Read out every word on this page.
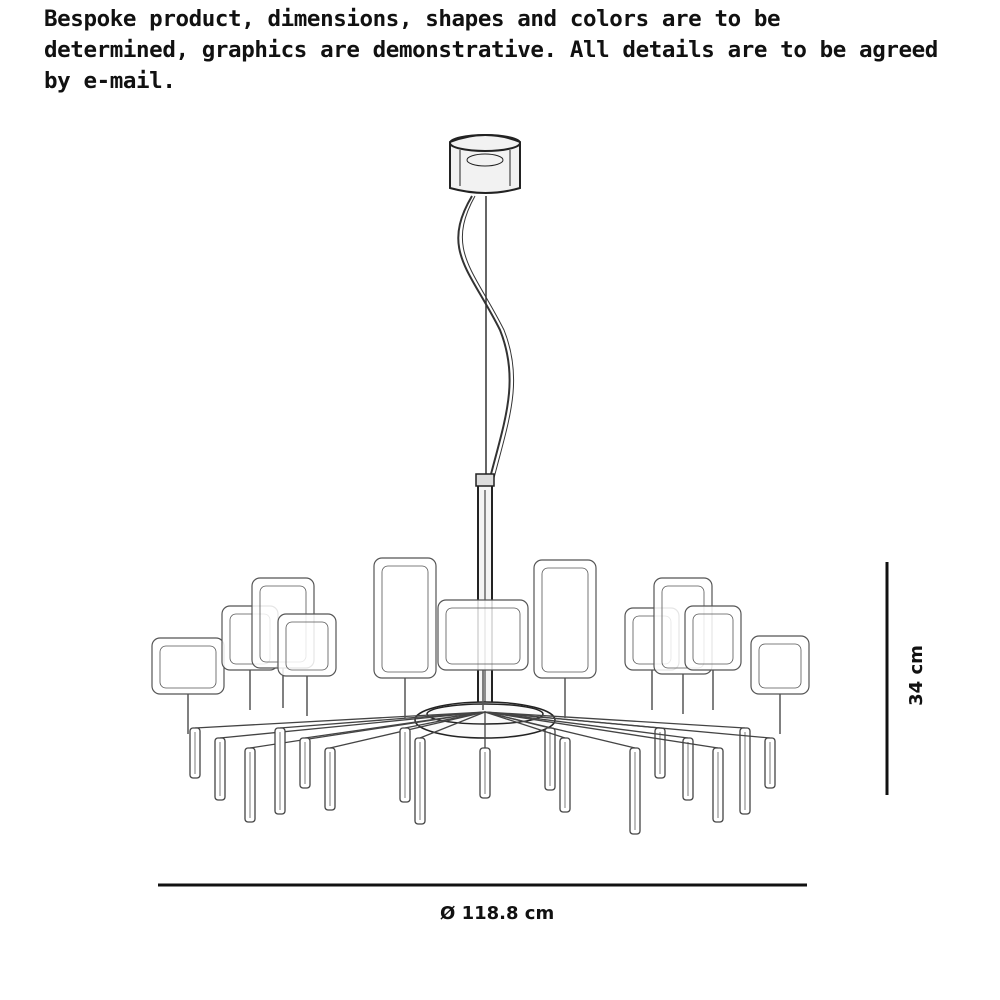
Bespoke product, dimensions, shapes and colors are to be
determined, graphics are demonstrative. All details are to be agreed
by e-mail.
Ø 118.8 cm
34 cm
